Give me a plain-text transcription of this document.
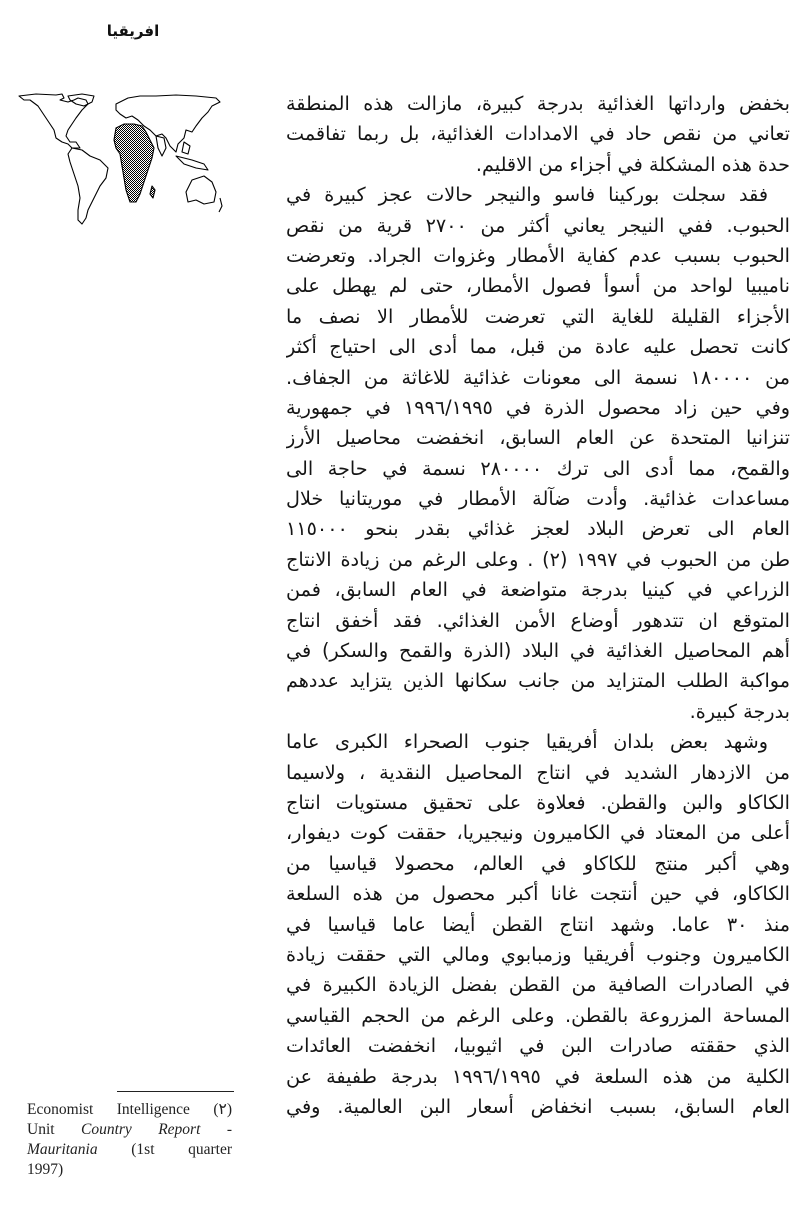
افريقيا
بخفض وارداتها الغذائية بدرجة كبيرة، مازالت هذه المنطقة
تعاني من نقص حاد في الامدادات الغذائية، بل ربما تفاقمت
حدة هذه المشكلة في أجزاء من الاقليم.
فقد سجلت بوركينا فاسو والنيجر حالات عجز كبيرة في
الحبوب. ففي النيجر يعاني أكثر من ٢٧٠٠ قرية من نقص
الحبوب بسبب عدم كفاية الأمطار وغزوات الجراد. وتعرضت
ناميبيا لواحد من أسوأ فصول الأمطار، حتى لم يهطل على
الأجزاء القليلة للغاية التي تعرضت للأمطار الا نصف ما
كانت تحصل عليه عادة من قبل، مما أدى الى احتياج أكثر
من ١٨٠٠٠٠ نسمة الى معونات غذائية للاغاثة من الجفاف.
وفي حين زاد محصول الذرة في ١٩٩٦/١٩٩٥ في جمهورية
تنزانيا المتحدة عن العام السابق، انخفضت محاصيل الأرز
والقمح، مما أدى الى ترك ٢٨٠٠٠٠ نسمة في حاجة الى
مساعدات غذائية. وأدت ضآلة الأمطار في موريتانيا خلال
العام الى تعرض البلاد لعجز غذائي بقدر بنحو ١١٥٠٠٠
طن من الحبوب في ١٩٩٧ (٢) . وعلى الرغم من زيادة الانتاج
الزراعي في كينيا بدرجة متواضعة في العام السابق، فمن
المتوقع ان تتدهور أوضاع الأمن الغذائي. فقد أخفق انتاج
أهم المحاصيل الغذائية في البلاد (الذرة والقمح والسكر) في
مواكبة الطلب المتزايد من جانب سكانها الذين يتزايد عددهم
بدرجة كبيرة.
وشهد بعض بلدان أفريقيا جنوب الصحراء الكبرى عاما
من الازدهار الشديد في انتاج المحاصيل النقدية ، ولاسيما
الكاكاو والبن والقطن. فعلاوة على تحقيق مستويات انتاج
أعلى من المعتاد في الكاميرون ونيجيريا، حققت كوت ديفوار،
وهي أكبر منتج للكاكاو في العالم، محصولا قياسيا من
الكاكاو، في حين أنتجت غانا أكبر محصول من هذه السلعة
منذ ٣٠ عاما. وشهد انتاج القطن أيضا عاما قياسيا في
الكاميرون وجنوب أفريقيا وزمبابوي ومالي التي حققت زيادة
في الصادرات الصافية من القطن بفضل الزيادة الكبيرة في
المساحة المزروعة بالقطن. وعلى الرغم من الحجم القياسي
الذي حققته صادرات البن في اثيوبيا، انخفضت العائدات
الكلية من هذه السلعة في ١٩٩٦/١٩٩٥ بدرجة طفيفة عن
العام السابق، بسبب انخفاض أسعار البن العالمية. وفي
Economist Intelligence (٢)
Unit Country Report -
Mauritania (1st quarter
1997)
